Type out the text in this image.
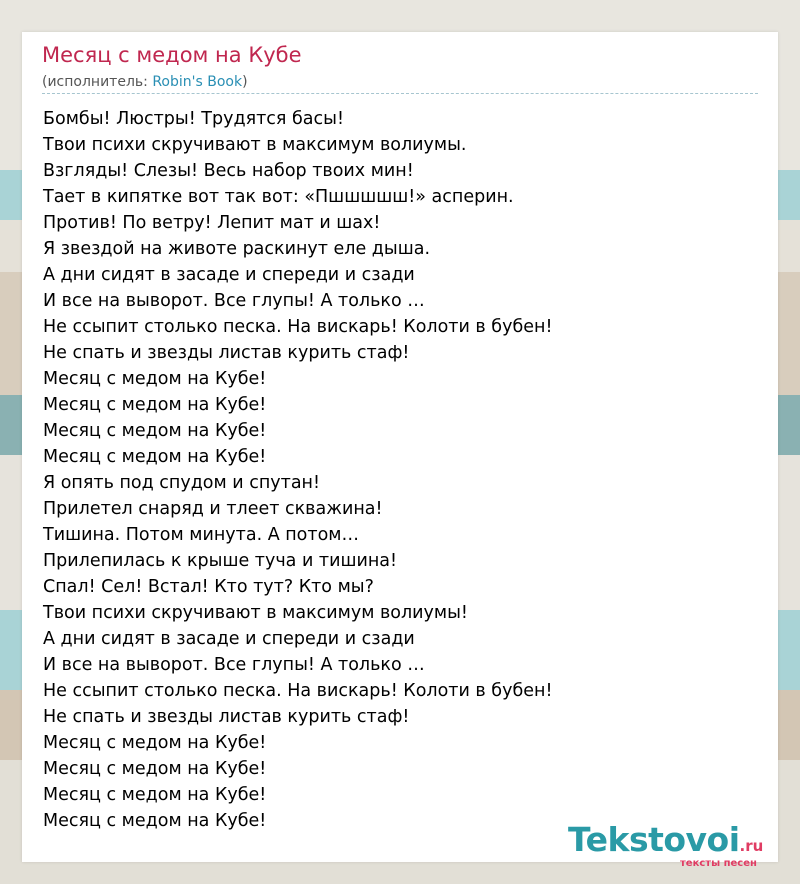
Месяц с медом на Кубе
(исполнитель: Robin's Book)
Бомбы! Люстры! Трудятся басы!
Твои психи скручивают в максимум волиумы.
Взгляды! Слезы! Весь набор твоих мин!
Тает в кипятке вот так вот: «Пшшшшш!» асперин.
Против! По ветру! Лепит мат и шах!
Я звездой на животе раскинут еле дыша.
А дни сидят в засаде и спереди и сзади
И все на выворот. Все глупы! А только …
Не ссыпит столько песка. На вискарь! Колоти в бубен!
Не спать и звезды листав курить стаф!
Месяц с медом на Кубе!
Месяц с медом на Кубе!
Месяц с медом на Кубе!
Месяц с медом на Кубе!
Я опять под спудом и спутан!
Прилетел снаряд и тлеет скважина!
Тишина. Потом минута. А потом…
Прилепилась к крыше туча и тишина!
Спал! Сел! Встал! Кто тут? Кто мы?
Твои психи скручивают в максимум волиумы!
А дни сидят в засаде и спереди и сзади
И все на выворот. Все глупы! А только …
Не ссыпит столько песка. На вискарь! Колоти в бубен!
Не спать и звезды листав курить стаф!
Месяц с медом на Кубе!
Месяц с медом на Кубе!
Месяц с медом на Кубе!
Месяц с медом на Кубе!	Tekstovoi.ru
тексты песен
